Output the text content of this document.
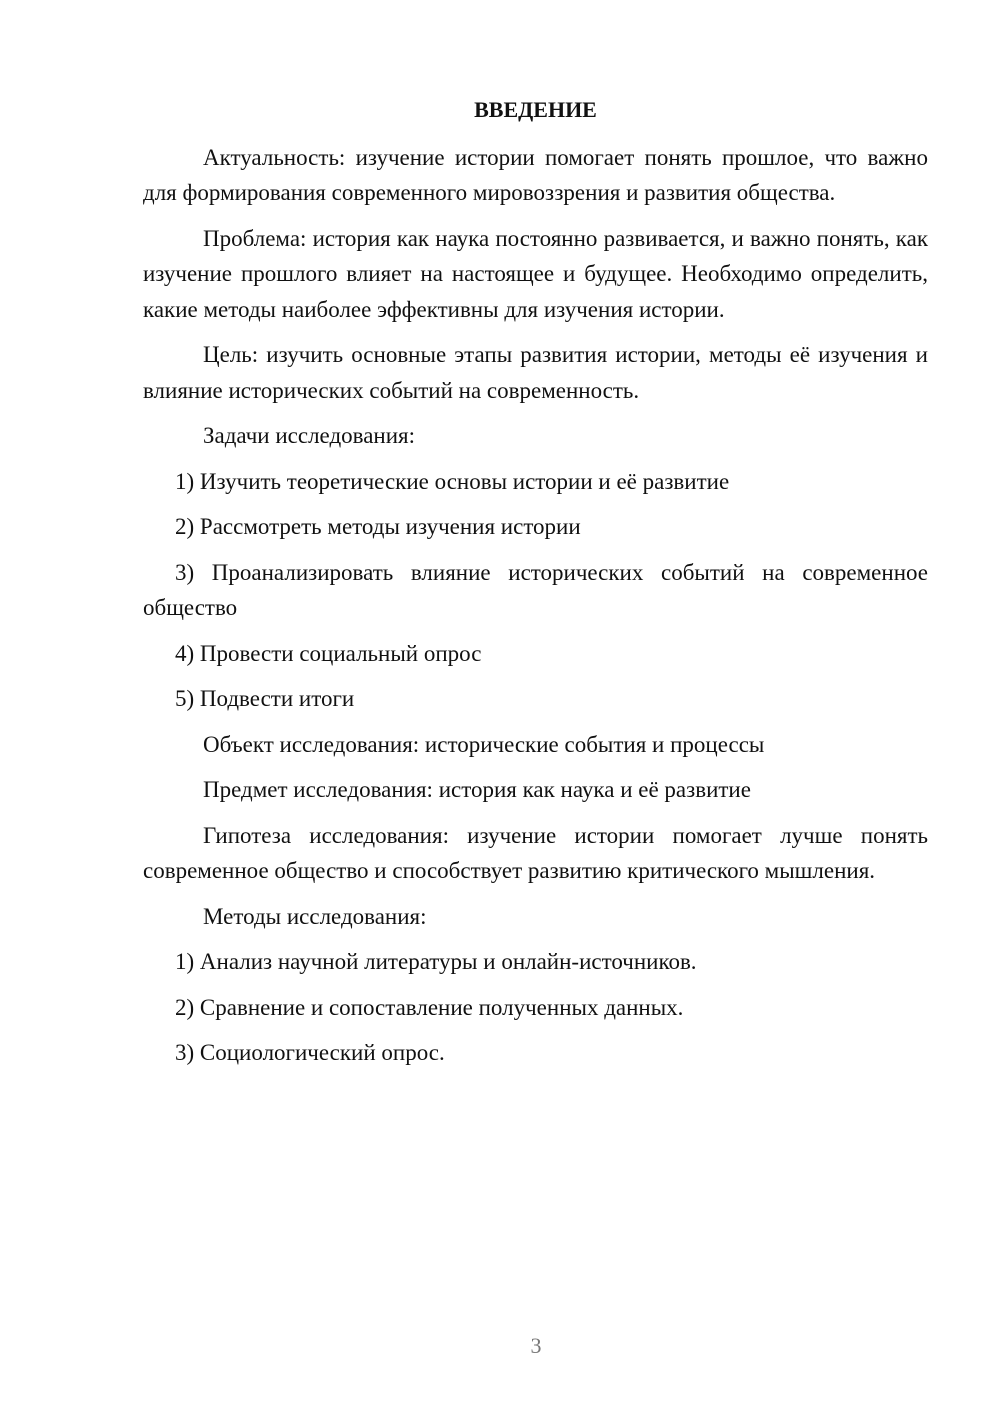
ВВЕДЕНИЕ

Актуальность: изучение истории помогает понять прошлое, что важно для формирования современного мировоззрения и развития общества.

Проблема: история как наука постоянно развивается, и важно понять, как изучение прошлого влияет на настоящее и будущее. Необходимо определить, какие методы наиболее эффективны для изучения истории.

Цель: изучить основные этапы развития истории, методы её изучения и влияние исторических событий на современность.

Задачи исследования:

1) Изучить теоретические основы истории и её развитие

2) Рассмотреть методы изучения истории

3) Проанализировать влияние исторических событий на современное общество

4) Провести социальный опрос

5) Подвести итоги

Объект исследования: исторические события и процессы

Предмет исследования: история как наука и её развитие

Гипотеза исследования: изучение истории помогает лучше понять современное общество и способствует развитию критического мышления.

Методы исследования:

1) Анализ научной литературы и онлайн-источников.

2) Сравнение и сопоставление полученных данных.

3) Социологический опрос.

3
